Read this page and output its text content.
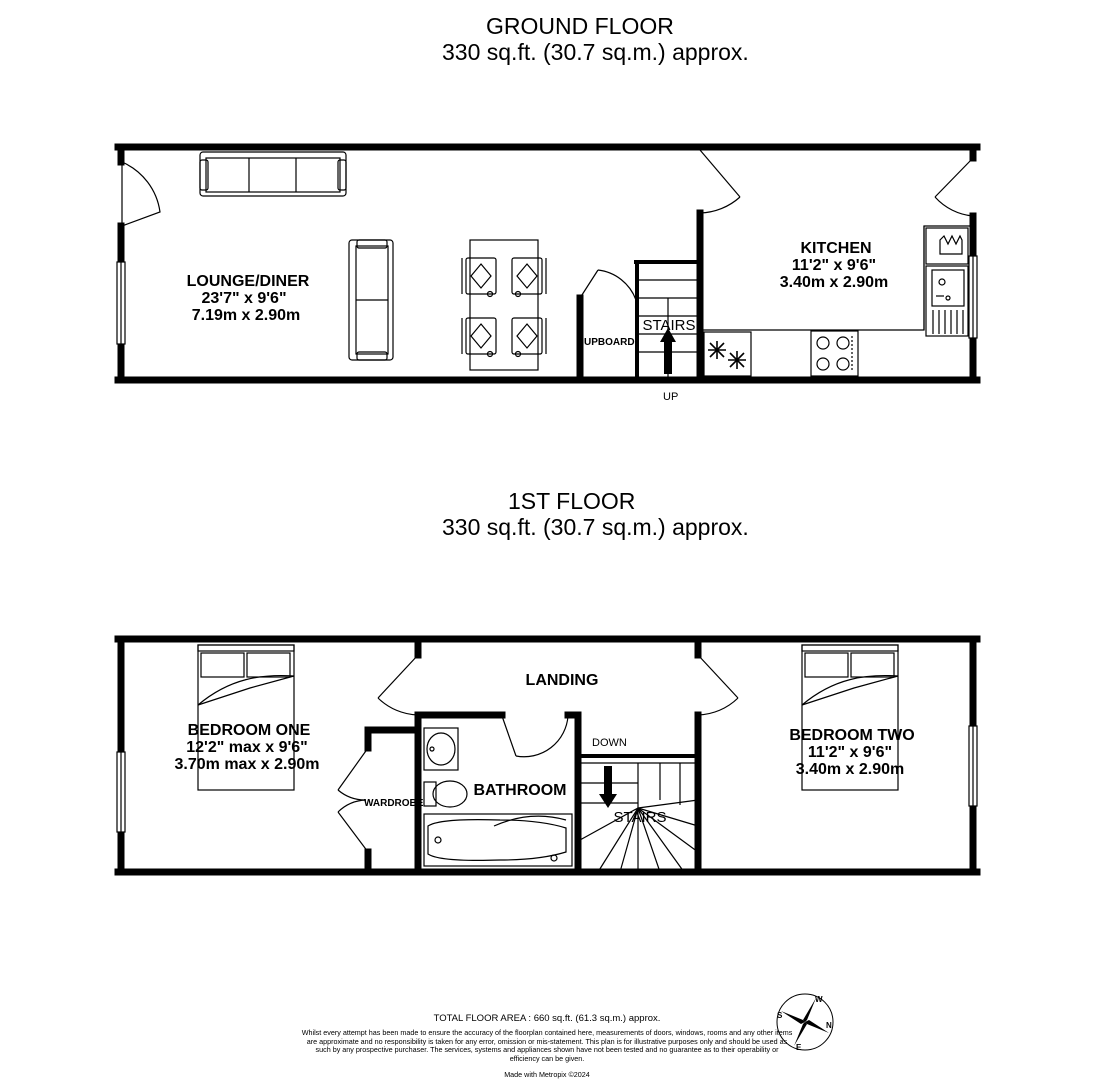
GROUND FLOOR
330 sq.ft. (30.7 sq.m.) approx.
1ST FLOOR
330 sq.ft. (30.7 sq.m.) approx.
LOUNGE/DINER
23'7" x 9'6"
7.19m x 2.90m
KITCHEN
11'2" x 9'6"
3.40m x 2.90m
UPBOARD
STAIRS
UP
LANDING
BEDROOM ONE
12'2" max x 9'6"
3.70m max x 2.90m
BEDROOM TWO
11'2" x 9'6"
3.40m x 2.90m
BATHROOM
WARDROBE
STAIRS
DOWN
TOTAL FLOOR AREA : 660 sq.ft. (61.3 sq.m.) approx.
Whilst every attempt has been made to ensure the accuracy of the floorplan contained here, measurements of doors, windows, rooms and any other items are approximate and no responsibility is taken for any error, omission or mis-statement. This plan is for illustrative purposes only and should be used as such by any prospective purchaser. The services, systems and appliances shown have not been tested and no guarantee as to their operability or efficiency can be given.
Made with Metropix ©2024
W
N
E
S
